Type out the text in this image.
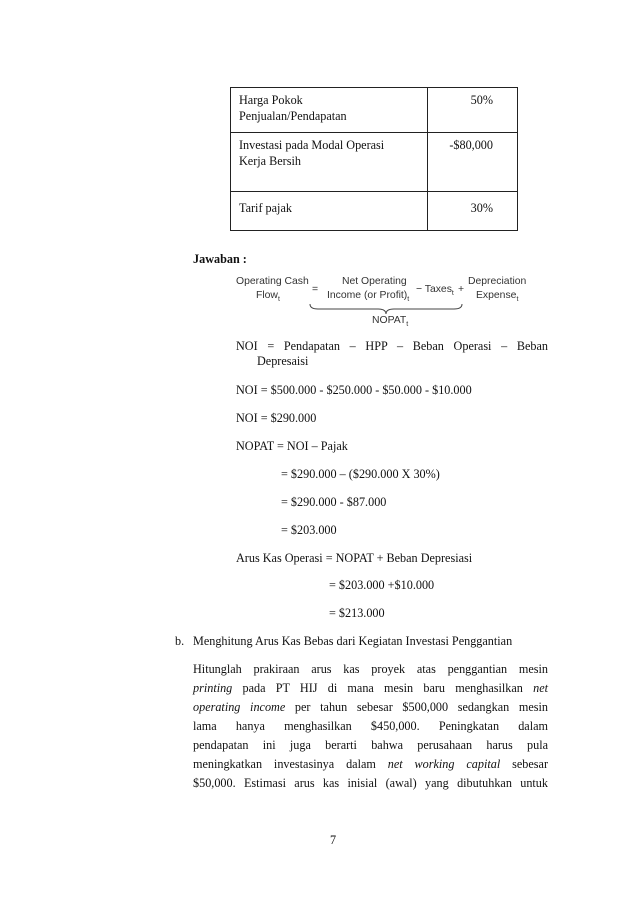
Harga Pokok
Penjualan/Pendapatan	50%
Investasi pada Modal Operasi
Kerja Bersih	-$80,000
Tarif pajak	30%
Jawaban :
Operating Cash
Flow$_t$
=
Net Operating
Income (or $Profit)_t$
− Taxes$_t$ +
Depreciation
Expense$_t$
$NOPAT_t$
NOI = Pendapatan – HPP – Beban Operasi – Beban
Depresaisi
NOI = $500.000 - $250.000 - $50.000 - $10.000
NOI = $290.000
NOPAT = NOI – Pajak
= $290.000 – ($290.000 X 30%)
= $290.000 - $87.000
= $203.000
Arus Kas Operasi = NOPAT + Beban Depresiasi
= $203.000 +$10.000
= $213.000
b. Menghitung Arus Kas Bebas dari Kegiatan Investasi Penggantian
Hitunglah prakiraan arus kas proyek atas penggantian mesin
printing pada PT HIJ di mana mesin baru menghasilkan net
operating income per tahun sebesar $500,000 sedangkan mesin
lama hanya menghasilkan $450,000. Peningkatan dalam
pendapatan ini juga berarti bahwa perusahaan harus pula
meningkatkan investasinya dalam net working capital sebesar
$50,000. Estimasi arus kas inisial (awal) yang dibutuhkan untuk
7
